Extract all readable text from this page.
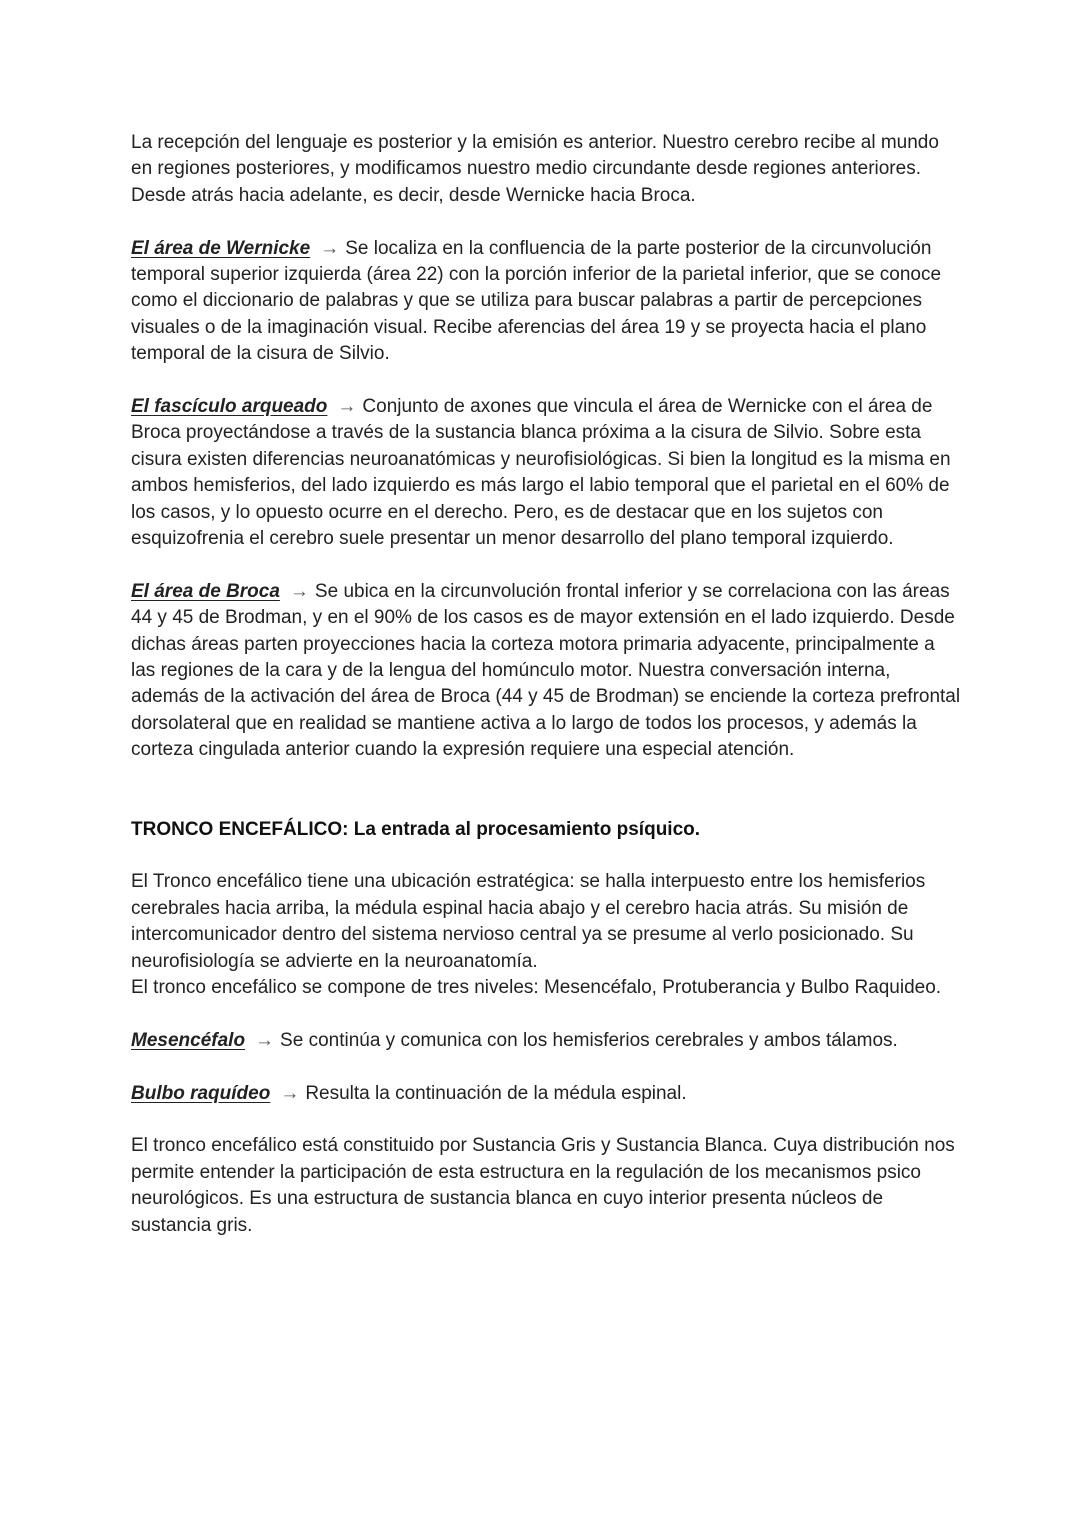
La recepción del lenguaje es posterior y la emisión es anterior. Nuestro cerebro recibe al mundo en regiones posteriores, y modificamos nuestro medio circundante desde regiones anteriores. Desde atrás hacia adelante, es decir, desde Wernicke hacia Broca.

El área de Wernicke → Se localiza en la confluencia de la parte posterior de la circunvolución temporal superior izquierda (área 22) con la porción inferior de la parietal inferior, que se conoce como el diccionario de palabras y que se utiliza para buscar palabras a partir de percepciones visuales o de la imaginación visual. Recibe aferencias del área 19 y se proyecta hacia el plano temporal de la cisura de Silvio.

El fascículo arqueado → Conjunto de axones que vincula el área de Wernicke con el área de Broca proyectándose a través de la sustancia blanca próxima a la cisura de Silvio. Sobre esta cisura existen diferencias neuroanatómicas y neurofisiológicas. Si bien la longitud es la misma en ambos hemisferios, del lado izquierdo es más largo el labio temporal que el parietal en el 60% de los casos, y lo opuesto ocurre en el derecho. Pero, es de destacar que en los sujetos con esquizofrenia el cerebro suele presentar un menor desarrollo del plano temporal izquierdo.

El área de Broca → Se ubica en la circunvolución frontal inferior y se correlaciona con las áreas 44 y 45 de Brodman, y en el 90% de los casos es de mayor extensión en el lado izquierdo. Desde dichas áreas parten proyecciones hacia la corteza motora primaria adyacente, principalmente a las regiones de la cara y de la lengua del homúnculo motor. Nuestra conversación interna, además de la activación del área de Broca (44 y 45 de Brodman) se enciende la corteza prefrontal dorsolateral que en realidad se mantiene activa a lo largo de todos los procesos, y además la corteza cingulada anterior cuando la expresión requiere una especial atención.

TRONCO ENCEFÁLICO: La entrada al procesamiento psíquico.

El Tronco encefálico tiene una ubicación estratégica: se halla interpuesto entre los hemisferios cerebrales hacia arriba, la médula espinal hacia abajo y el cerebro hacia atrás. Su misión de intercomunicador dentro del sistema nervioso central ya se presume al verlo posicionado. Su neurofisiología se advierte en la neuroanatomía.

El tronco encefálico se compone de tres niveles: Mesencéfalo, Protuberancia y Bulbo Raquideo.

Mesencéfalo → Se continúa y comunica con los hemisferios cerebrales y ambos tálamos.

Bulbo raquídeo → Resulta la continuación de la médula espinal.

El tronco encefálico está constituido por Sustancia Gris y Sustancia Blanca. Cuya distribución nos permite entender la participación de esta estructura en la regulación de los mecanismos psico neurológicos. Es una estructura de sustancia blanca en cuyo interior presenta núcleos de sustancia gris.
